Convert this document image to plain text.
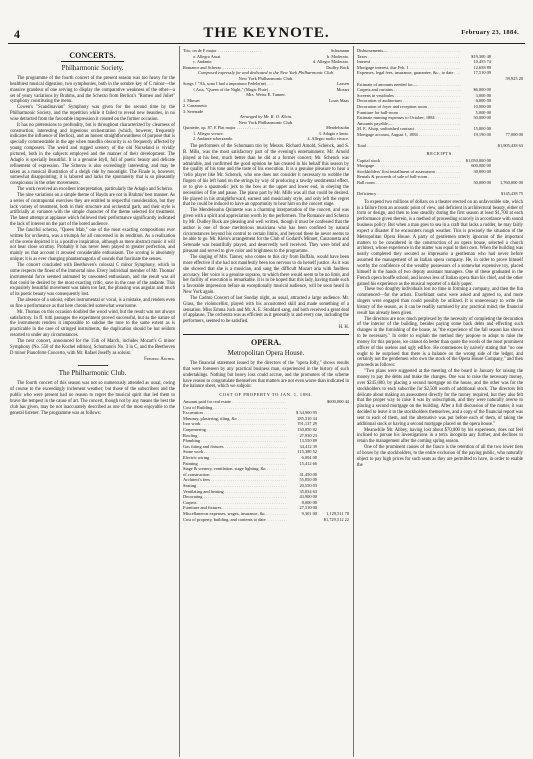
4	THE KEYNOTE.	February 23, 1884.
CONCERTS.
Philharmonic Society.

The programme of the fourth concert of the present season was too heavy for the healthiest musical digestion, two symphonies, both in the sombre key of C minor—the massive grandeur of one serving to display the comparative weakness of the other—a set of yeary variations by Brahms, and the Scherzo from Berlioz's "Romeo and Juliet" symphony constituting the menu.

Cowen's "Scandinavian" Symphony was given for the second time by the Philharmonic Society, and the repetition while it failed to reveal new beauties, in no wise detracted from the favorable impression it created on the former occasion.

It has no pretensions to profundity, but is throughout characterized by clearness of construction, interesting and ingenious orchestration (which, however, frequently indicates the influence of Berlioz), and an honest straightforwardness of purpose that is specially commendable in the age when maudlin obscurity is so frequently affected by young composers. The weird and rugged scenery of the old Norseland is vividly pictured, both in the subjects employed and the manner of their development. The Adagio is specially beautiful. It is a genuine Idyll, full of poetic beauty and delicate refinement of expression. The Scherzo is also exceedingly interesting, and may be taken as a musical illustration of a sleigh ride by moonlight. The Finale is, however, somewhat disappointing; it is labored and lacks the spontaneity that is so pleasantly conspicuous in the other movements.

The work received an excellent interpretation, particularly the Adagio and Scherzo.

The nine variations on a simple theme of Haydn are not in Brahms' best manner. As a series of contrapuntal exercises they are entitled to respectful consideration, but they lack variety of treatment, both in their structure and orchestral garb, and their style is artificially at variance with the simple character of the theme selected for treatment. The latest attempt at applause which followed their performance significantly indicated the lack of interest on the part of the bored audience.

The fanciful scherzo, "Queen Mab," one of the most exacting compositions ever written for orchestra, was a triumph for all concerned in its rendition. As a realization of the scene depicted it is a positive inspiration, although as mere abstract music it will not bear close scrutiny. Probably it has never been played to greater perfection, and mainly on that account it aroused considerable enthusiasm. The scoring is absolutely unique; it is as ever changing phantasmagoria of sounds that fascinate the senses.

The concert concluded with Beethoven's colossal C minor Symphony, which in some respects the finest of the immortal nine. Every individual member of Mr. Thomas' instrumental force seemed animated by unwonted enthusiasm, and the result was all that could be desired by the most exacting critic, save in the case of the andante. This exquisitely beautiful movement was taken too fast, the phrasing was angular and much of its poetic beauty was consequently lost.

The absence of a soloist, either instrumental or vocal, is a mistake, and renders even so fine a performance as that here chronicled somewhat wearisome.

Mr. Thomas on this occasion doubled the wood wind, but the result was not always satisfactory. In ff. tutti passages the experiment proved successful, but as the nature of the instruments renders it impossible to subdue the tone to the same extent as is practicable in the case of stringed instruments, the duplication should be but seldom resorted to under any circumstances.

The next concert, announced for the 15th of March, includes Mozart's G minor Symphony (No. 550 of the Kochel edition), Schumann's No. 3 in C, and the Beethoven D minor Pianoforte Concerto, with Mr. Rafael Joseffy as soloist.

Frederic Archer.
The Philharmonic Club.

The fourth concert of this season was not so numerously attended as usual, owing of course to the exceedingly inclement weather; but those of the subscribers and the public who were present had no reason to regret the musical spirit that led them to brave the tempest in the cause of art. The concert, though not by any means the best the club has given, may be not inaccurately described as one of the most enjoyable to the general listener. The programme was as follows:

Trio, on de F major . . . . . . . . . . . . . . . . . . . . .	Schumann
a. Allegro Assai.	b. Moderato.
c. Andante.	d. Allegro Moderato.
Romance and Scherzo . . . . . . . . . . . . . . . . . . .	Dudley Buck
Composed expressly for and dedicated to the New York Philharmonic Club.
New York Philharmonic Club.
Songs { "Ah, sono I had a importuno Fedele(ne) . . .	Lassen
{ Aria, "Queen of the Night," (Magic Flute) . . .	Mozart
Mrs. Weiss E. Tanner.
1. Minuet	Louis Maas
2. Canzonetta
3. Serenade
Arranged by Mr. R. O. Klein.
New York Philharmonic Club.
Quintette, op. 87, E Flat major . . . . . . . . . . . . . .	Mendelssohn
1. Allegro vivace.	3. Adagio e lento.
2. Andante scherzando.	4. Allegro molto vivace.

The performers of the Schumann trio by Messrs. Richard Arnold, Schenck, and S. B. Mills, was the most satisfactory part of the evening's entertainment. Mr. Arnold played at his best, much better than he did at a former concert; Mr. Schenck was admirable, and confirmed the good opinion he has created in his behalf this season by the quality of his tone and the taste of his execution. It is a genuine pleasure to hear a 'cello player like Mr. Schenck, who one does not consider it necessary to wobble the fingers of his left hand on the strings by way of producing a tawdry sentimental effect, or to give a spasmodic jerk to the bow at the upper and lower end, in obeying the necessities of fire and pause. The piano part by Mr. Mills was all that could be desired. He played in his straightforward, earnest and musicianly style, and only left the regret that he could be induced to have an opportunity to hear him on the concert stage.

The Mendelssohn Quintette was a charming interpretation of the concert, and was given with a spirit and appreciation worth by the performers. The Romance and Scherzo by Mr. Dudley Buck are pleasing and well written, though it must be confessed that the author is one of those meritorious musicians who has been confined by natural circumstances beyond his control to certain limits, and beyond these he never seems to be able to go. Mr. Klein's arrangement for the Club of Godard's Minuet, Canzonetta and Serenade was beautifully played, and deservedly well received. They were brief and pleasant and served to give color and brightness to the programme.

The singing of Mrs. Tanner, who comes to this city from Buffalo, would have been more effective if she had not manifestly been too nervous to do herself justice. As it was she showed that she is a musician, and sang the difficult Mozart aria with faultless accuracy. Her voice is a genuine soprano, to which there would seem to be no limit, and her facility of execution is remarkable. It is to be hoped that this lady, having made such a favorable impression before an exceptionally musical audience, will be soon heard in New York again.

The Cadmo Concert of last Sunday night, as usual, attracted a large audience. Mr. Glass, the violoncellist, played with his accustomed skill and made something of a sensation. Miss Emma Juch and Mr. A. E. Stoddard sang, and both received a great deal of applause. The orchestra was as efficient as it generally is and every one, including the performers, seemed to be satisfied.

H. H.
OPERA.
Metropolitan Opera House.

The financial statement issued by the directors of the "opera folly," shows results that were foreseen by any practical business man, experienced in the history of such undertakings. Nothing but heavy loss could accrue, and the promoters of the scheme have reason to congratulate themselves that matters are not even worse than indicated in the balance sheet, which we subjoin:

COST OF PROPERTY TO JAN. 1, 1884.
Amount paid for real estate . . .	$600,000 44
Cost of Building . . .
Excavation . . .	$ 34,900 95
Masonry, plastering, tiling, &c . . .	285,310 34
Iron work . . .	191,137 29
Carpentering . . .	130,850 82
Roofing . . .	27,930 23
Plumbing . . .	13,550 89
Gas fitting and fixtures . . .	34,412 39
Stone work . . .	115,380 52
Electric wiring . . .	6,004 08
Painting . . .	15,412 66
Stage & scenery, ventilation, stage lighting, &c . . .
of construction . . .	41,450 00
Architect's fees . . .	55,850 00
Seating . . .	20,550 03
Ventilating and heating . . .	35,834 63
Decorating . . .	43,900 00
Carpets . . .	8,000 00
Furniture and fixtures . . .	27,310 00
Miscellaneous expenses, wages, insurance, &c . . .	9,301 00	1,129,511 78
Cost of property, building, and contents to date . . .	$1,729,512 22
Disbursements— . . .
Taxes . . .	$19,300 48
Interest . . .	10,455 74
Mortgage interest, due Feb. 1 . . .	12,658 89
Expenses, legal fees, insurance, guarantee, &c., to date . . .	17,510 09
59,925 20
Estimate of amounts needed for— . . .
Carpets and curtains . . .	$6,000 00
Screens in vestibules . . .	3,000 00
Decoration of auditorium . . .	6,000 00
Decoration of foyer and reception room . . .	10,000 00
Furniture for ball-room . . .	5,000 00
Estimate running expenses to October, 1884 . . .	50,000 00
Amounts payable— . . .
M. E. Alsop, unfinished contract . . .	15,000 00
Mortgage account, August 1, 1884 . . .	19,190 00	77,000 00
Total . . .	$1,905,438 63
RECEIPTS.
Capital stock . . .	$1,050,000 00
Mortgage . . .	600,000 00
Stockholders' first installment of assessment . . .	30,000 00
Rentals & proceeds of sale of ball-room . . .
Ball room . . .	50,000 00	1,760,000 00
Deficiency . . .	$145,438 75

To expend two millions of dollars on a theater erected on an unfavorable site, which is a failure from an acoustic point of view, and deficient in architectural beauty, either of form or design, and then to lose steadily during the first season at least $1,700 at each performance given therein, is a method of proceeding scarcely in accordance with sound business policy. But when a man goes to sea in a craft that lacks a rudder, he may fairly expect a disaster if he encounters rough weather. This is precisely the situation of the Metropolitan Opera House. A party of gentlemen utterly ignorant of the important matters to be considered in the construction of an opera house, selected a church architect, whose experience in the matter was equal to their own. When the building was nearly completed they secured as impresario a gentleman who had never before assumed the management of an Italian opera company. He, in order to prove himself worthy the confidence of the wealthy possessors of a somewhat expensive toy, placed himself in the hands of two deputy assistant managers. One of these graduated in the French opera bouffe school, and knows less of Italian opera than his chief, and the other gained his experience as the musical reporter of a daily paper.

These two doughty individuals lost no time in forming a company, and then the fun commenced—for the artists. Exorbitant sums were asked and agreed to, and more singers were engaged than could possibly be utilized. It is unnecessary to write the history of the season, as it can be readily surmised by any practical mind; the financial result has already been given.

The directors are now much perplexed by the necessity of completing the decoration of the interior of the building, besides paying some back debts and effecting such changes in the furnishing of the house, as "the experience of the fall season has shown to be necessary." In order to explain the method they propose to adopt to raise the money for this purpose, we cannot do better than quote the words of the most prominent officer of this useless and ugly edifice. He commences by naively stating that "no one ought to be surprised that there is a balance on the wrong side of the ledger, and certainly not the gentlemen who own the stock of the Opera House Company," and then proceeds as follows:

"Two plans were suggested at the meeting of the board in January for raising the money to pay the debts and make the changes. One was to raise the necessary money, over $245,000, by placing a second mortgage on the house, and the other was for the stockholders to each subscribe for $2,500 worth of additional stock. The directors felt delicate about making an assessment directly for the money required, but they also felt that the proper way to raise it was by subscription, and they were naturally averse to placing a second mortgage on the building. After a full discussion of the matter, it was decided to leave it to the stockholders themselves, and a copy of the financial report was sent to each of them, and the alternative was put before each of them, of taking the additional stock or having a second mortgage placed on the opera house."

Meanwhile Mr. Abbey, having lost about $70,000 by his experience, does not feel inclined to pursue his investigations in a terra incognita any further, and declines to retain the management after the coming spring season.

One of the prominent causes of the fiasco is the retention of all the two lower tiers of boxes by the stockholders, to the entire exclusion of the paying public, who naturally object to pay high prices for such seats as they are permitted to have, in order to enable the
